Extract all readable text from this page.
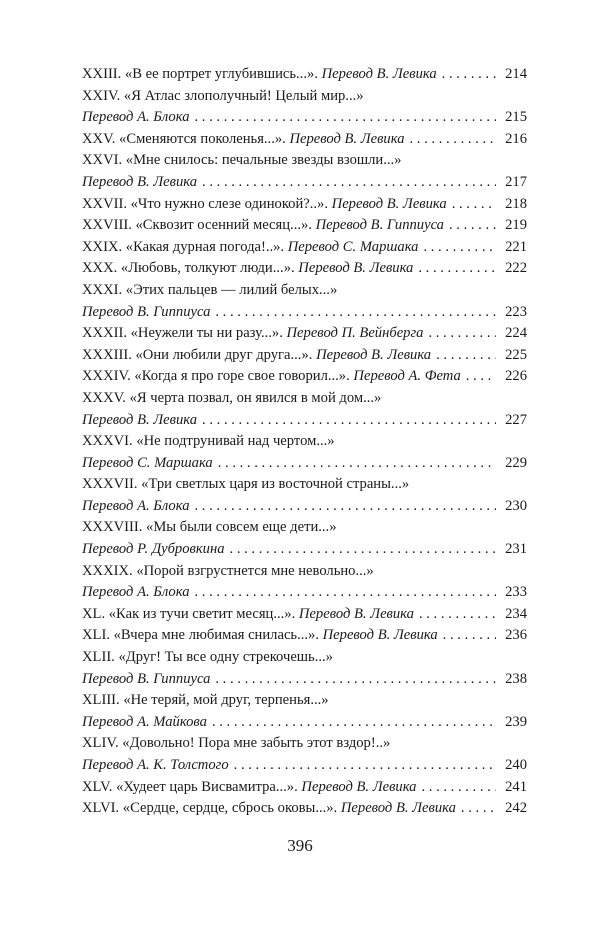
XXIII. «В ее портрет углубившись...». Перевод В. Левика . . .	214
XXIV. «Я Атлас злополучный! Целый мир...»
Перевод А. Блока . . .	215
XXV. «Сменяются поколенья...». Перевод В. Левика . . .	216
XXVI. «Мне снилось: печальные звезды взошли...»
Перевод В. Левика . . .	217
XXVII. «Что нужно слезе одинокой?..». Перевод В. Левика . . .	218
XXVIII. «Сквозит осенний месяц...». Перевод В. Гиппиуса . . .	219
XXIX. «Какая дурная погода!..». Перевод С. Маршака . . .	221
XXX. «Любовь, толкуют люди...». Перевод В. Левика . . .	222
XXXI. «Этих пальцев — лилий белых...»
Перевод В. Гиппиуса . . .	223
XXXII. «Неужели ты ни разу...». Перевод П. Вейнберга . . .	224
XXXIII. «Они любили друг друга...». Перевод В. Левика . . .	225
XXXIV. «Когда я про горе свое говорил...». Перевод А. Фета . . .	226
XXXV. «Я черта позвал, он явился в мой дом...»
Перевод В. Левика . . .	227
XXXVI. «Не подтрунивай над чертом...»
Перевод С. Маршака . . .	229
XXXVII. «Три светлых царя из восточной страны...»
Перевод А. Блока . . .	230
XXXVIII. «Мы были совсем еще дети...»
Перевод Р. Дубровкина . . .	231
XXXIX. «Порой взгрустнется мне невольно...»
Перевод А. Блока . . .	233
XL. «Как из тучи светит месяц...». Перевод В. Левика . . .	234
XLI. «Вчера мне любимая снилась...». Перевод В. Левика . . .	236
XLII. «Друг! Ты все одну стрекочешь...»
Перевод В. Гиппиуса . . .	238
XLIII. «Не теряй, мой друг, терпенья...»
Перевод А. Майкова . . .	239
XLIV. «Довольно! Пора мне забыть этот вздор!..»
Перевод А. К. Толстого . . .	240
XLV. «Худеет царь Висвамитра...». Перевод В. Левика . . .	241
XLVI. «Сердце, сердце, сбрось оковы...». Перевод В. Левика . . .	242
396
